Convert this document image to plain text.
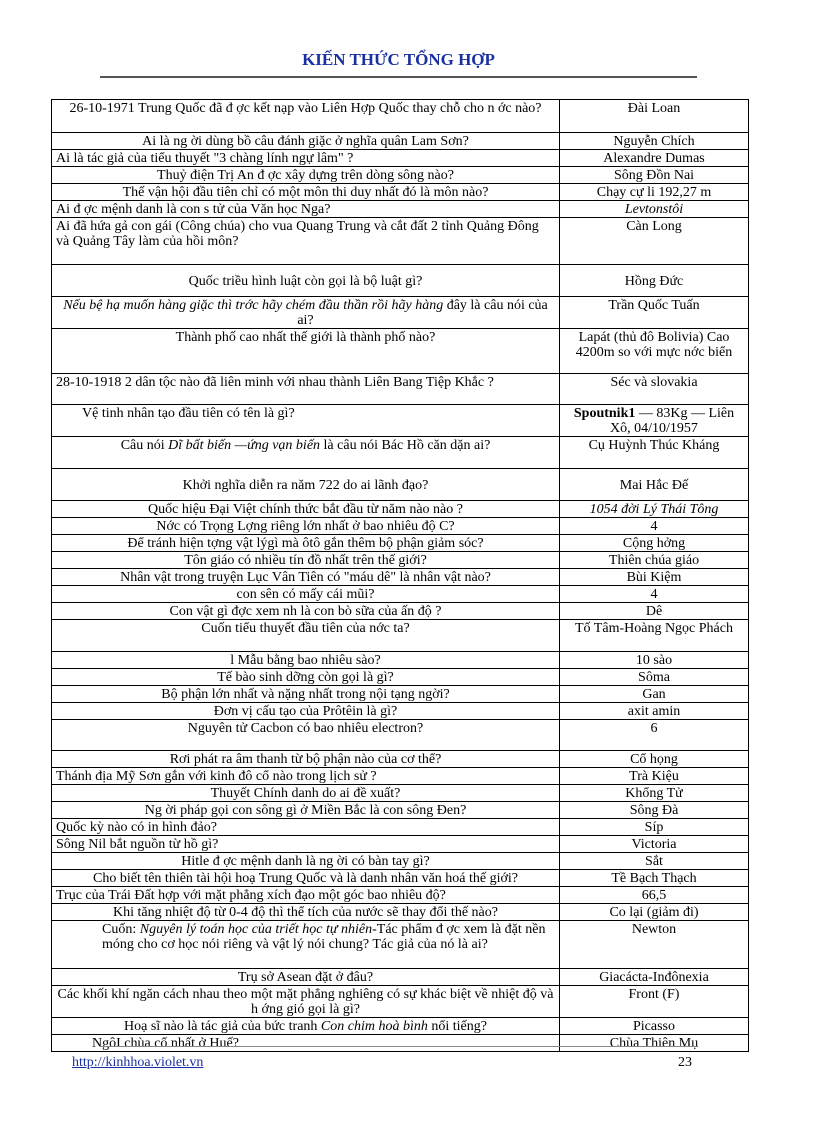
KIẾN THỨC TỔNG HỢP
26-10-1971 Trung Quốc đã đ ợc kết nạp vào Liên Hợp Quốc thay chỗ cho n ớc nào?	Đài Loan
Ai là ng ời dùng bồ câu đánh giặc ở nghĩa quân Lam Sơn?	Nguyễn Chích
Ai là tác giả của tiểu thuyết "3 chàng lính ngự lâm" ?	Alexandre Dumas
Thuỷ điện Trị An đ ợc xây dựng trên dòng sông nào?	Sông Đồn Nai
Thế vận hội đầu tiên chỉ có một môn thi duy nhất đó là môn nào?	Chạy cự li 192,27 m
Ai đ ợc mệnh danh là con s tử của Văn học Nga?	Levtonstôi
Ai đã hứa gả con gái (Công chúa) cho vua Quang Trung và cắt đất 2 tỉnh Quảng Đông và Quảng Tây làm của hồi môn?	Càn Long
Quốc triều hình luật còn gọi là bộ luật gì?	Hồng Đức
Nếu bệ hạ muốn hàng giặc thì trớc hãy chém đầu thần rồi hãy hàng đây là câu nói của ai?	Trần Quốc Tuấn
Thành phố cao nhất thế giới là thành phố nào?	Lapát (thủ đô Bolivia) Cao 4200m so với mực nớc biển
28-10-1918 2 dân tộc nào đã liên minh với nhau thành Liên Bang Tiệp Khắc ?	Séc và slovakia
Vệ tinh nhân tạo đầu tiên có tên là gì?	Spoutnik1 — 83Kg — Liên Xô, 04/10/1957
Câu nói Dĩ bất biến —ứng vạn biến là câu nói Bác Hồ căn dặn ai?	Cụ Huỳnh Thúc Kháng
Khởi nghĩa diễn ra năm 722 do ai lãnh đạo?	Mai Hắc Đế
Quốc hiệu Đại Việt chính thức bắt đầu từ năm nào nào ?	1054 đời Lý Thái Tông
Nớc có Trọng Lợng riêng lớn nhất ở bao nhiêu độ C?	4
Để tránh hiện tợng vật lýgì mà ôtô gắn thêm bộ phận giảm sóc?	Cộng hởng
Tôn giáo có nhiều tín đồ nhất trên thế giới?	Thiên chúa giáo
Nhân vật trong truyện Lục Vân Tiên có "máu dê" là nhân vật nào?	Bùi Kiệm
con sên có mấy cái mũi?	4
Con vật gì đợc xem nh là con bò sữa của ấn độ ?	Dê
Cuốn tiểu thuyết đầu tiên của nớc ta?	Tố Tâm-Hoàng Ngọc Phách
l Mẫu bằng bao nhiêu sào?	10 sào
Tế bào sinh dỡng còn gọi là gì?	Sôma
Bộ phận lớn nhất và nặng nhất trong nội tạng ngời?	Gan
Đơn vị cấu tạo của Prôtêin là gì?	axit amin
Nguyên tử Cacbon có bao nhiêu electron?	6
Rơi phát ra âm thanh từ bộ phận nào của cơ thể?	Cổ họng
Thánh địa Mỹ Sơn gắn với kinh đô cổ nào trong lịch sử ?	Trà Kiệu
Thuyết Chính danh do ai đề xuất?	Khổng Tử
Ng ời pháp gọi con sông gì ở Miền Bắc là con sông Đen?	Sông Đà
Quốc kỳ nào có in hình đảo?	Síp
Sông Nil bắt nguồn từ hồ gì?	Victoria
Hitle đ ợc mệnh danh là ng ời có bàn tay gì?	Sắt
Cho biết tên thiên tài hội hoạ Trung Quốc và là danh nhân văn hoá thế giới?	Tề Bạch Thạch
Trục của Trái Đất hợp với mặt phẳng xích đạo một góc bao nhiêu độ?	66,5
Khi tăng nhiệt độ từ 0-4 độ thì thể tích của nước sẽ thay đổi thế nào?	Co lại (giảm đi)
Cuốn: Nguyên lý toán học của triết học tự nhiên-Tác phẩm đ ợc xem là đặt nền móng cho cơ học nói riêng và vật lý nói chung? Tác giả của nó là ai?	Newton
Trụ sở Asean đặt ở đâu?	Giacácta-Inđônexia
Các khối khí ngăn cách nhau theo một mặt phẳng nghiêng có sự khác biệt về nhiệt độ và h ớng gió gọi là gì?	Front (F)
Hoạ sĩ nào là tác giả của bức tranh Con chim hoà bình nổi tiếng?	Picasso
NgôI chùa cổ nhất ở Huế?	Chùa Thiên Mụ
http://kinhhoa.violet.vn	23
